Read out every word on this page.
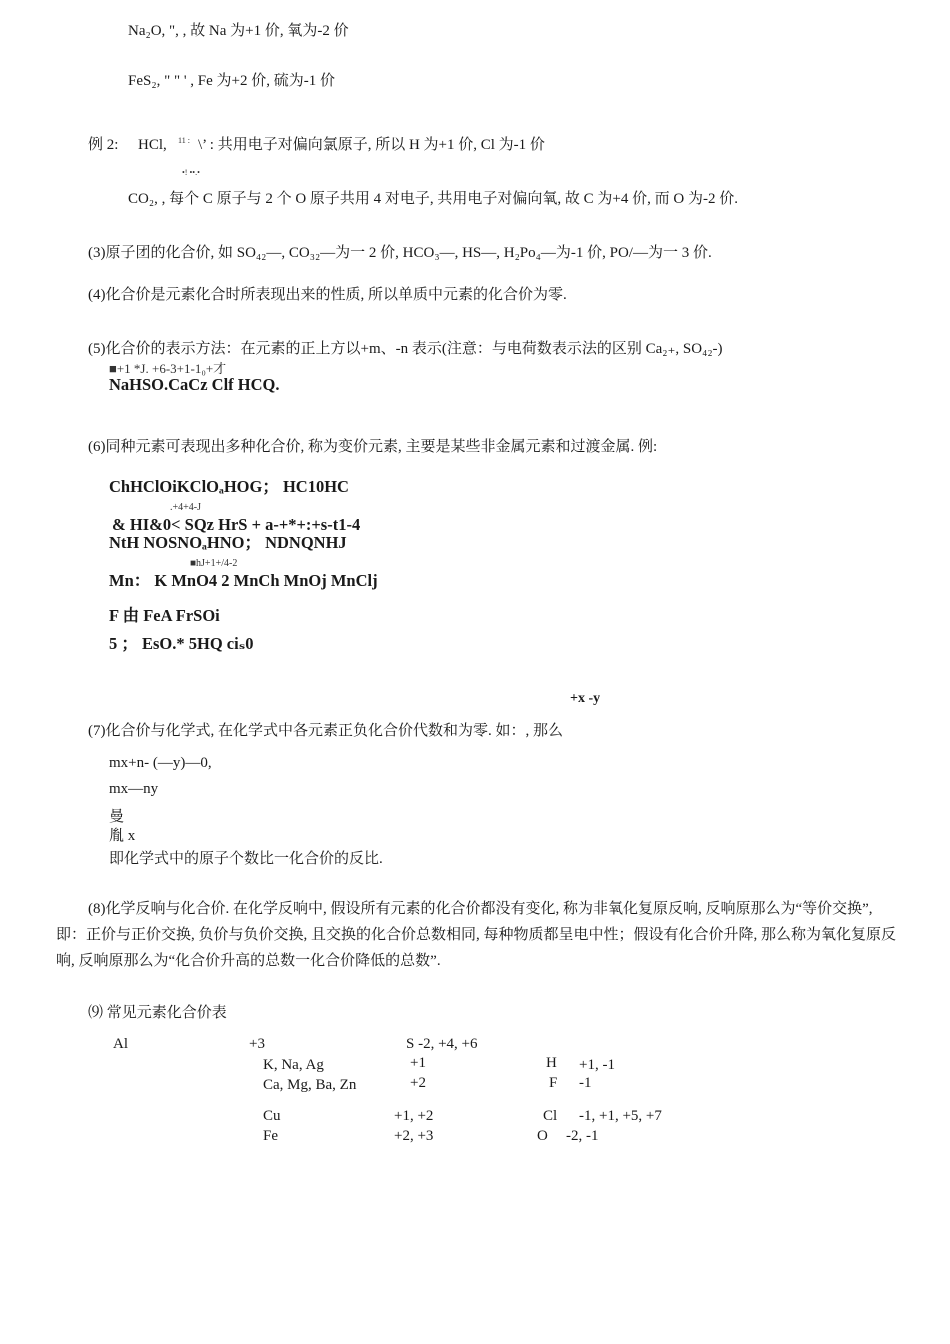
Na₂O, ", , 故 Na 为+1 价, 氧为-2 价
FeS₂, " " ' , Fe 为+2 价, 硫为-1 价
例 2: HCl, 11 : \’ : 共用电子对偏向氯原子, 所以 H 为+1 价, Cl 为-1 价
•! ••.•
CO₂, , 每个 C 原子与 2 个 O 原子共用 4 对电子, 共用电子对偏向氧, 故 C 为+4 价, 而 O 为-2 价.
(3)原子团的化合价, 如 SO₄₂—, CO₃₂—为一 2 价, HCO₃—, HS—, H₂Po₄—为-1 价, PO/—为一 3 价.
(4)化合价是元素化合时所表现出来的性质, 所以单质中元素的化合价为零.
(5)化合价的表示方法：在元素的正上方以+m、-n 表示(注意：与电荷数表示法的区别 Ca₂₊, SO₄₂-)
■+1 *J. +6-3+1-1₀+才
NaHSO.CaCz Clf HCQ.
(6)同种元素可表现出多种化合价, 称为变价元素, 主要是某些非金属元素和过渡金属. 例:
ChHClOiKClOₐHOG； HC10HC
.+4+4-J
& HI&0< SQz HrS + a-+*+:+s-t1-4
NtH NOSNOₐHNO； NDNQNHJ
■hJ+1+/4-2
Mn： K MnO4 2 MnCh MnOj MnClj
F 由 FeA FrSOi
5 ； EsO.* 5HQ ciₛ0
+x -y
(7)化合价与化学式, 在化学式中各元素正负化合价代数和为零. 如：, 那么
mx+n- (—y)—0,
mx—ny
曼
胤 x
即化学式中的原子个数比一化合价的反比.
(8)化学反响与化合价. 在化学反响中, 假设所有元素的化合价都没有变化, 称为非氧化复原反响, 反响原那么为“等价交换”, 即：正价与正价交换, 负价与负价交换, 且交换的化合价总数相同, 每种物质都呈电中性；假设有化合价升降, 那么称为氧化复原反响, 反响原那么为“化合价升高的总数一化合价降低的总数”.
⑼ 常见元素化合价表
Al	+3	S -2, +4, +6
K, Na, Ag	+1	H +1, -1
Ca, Mg, Ba, Zn	+2	F -1
Cu	+1, +2	Cl -1, +1, +5, +7
Fe	+2, +3	O -2, -1
